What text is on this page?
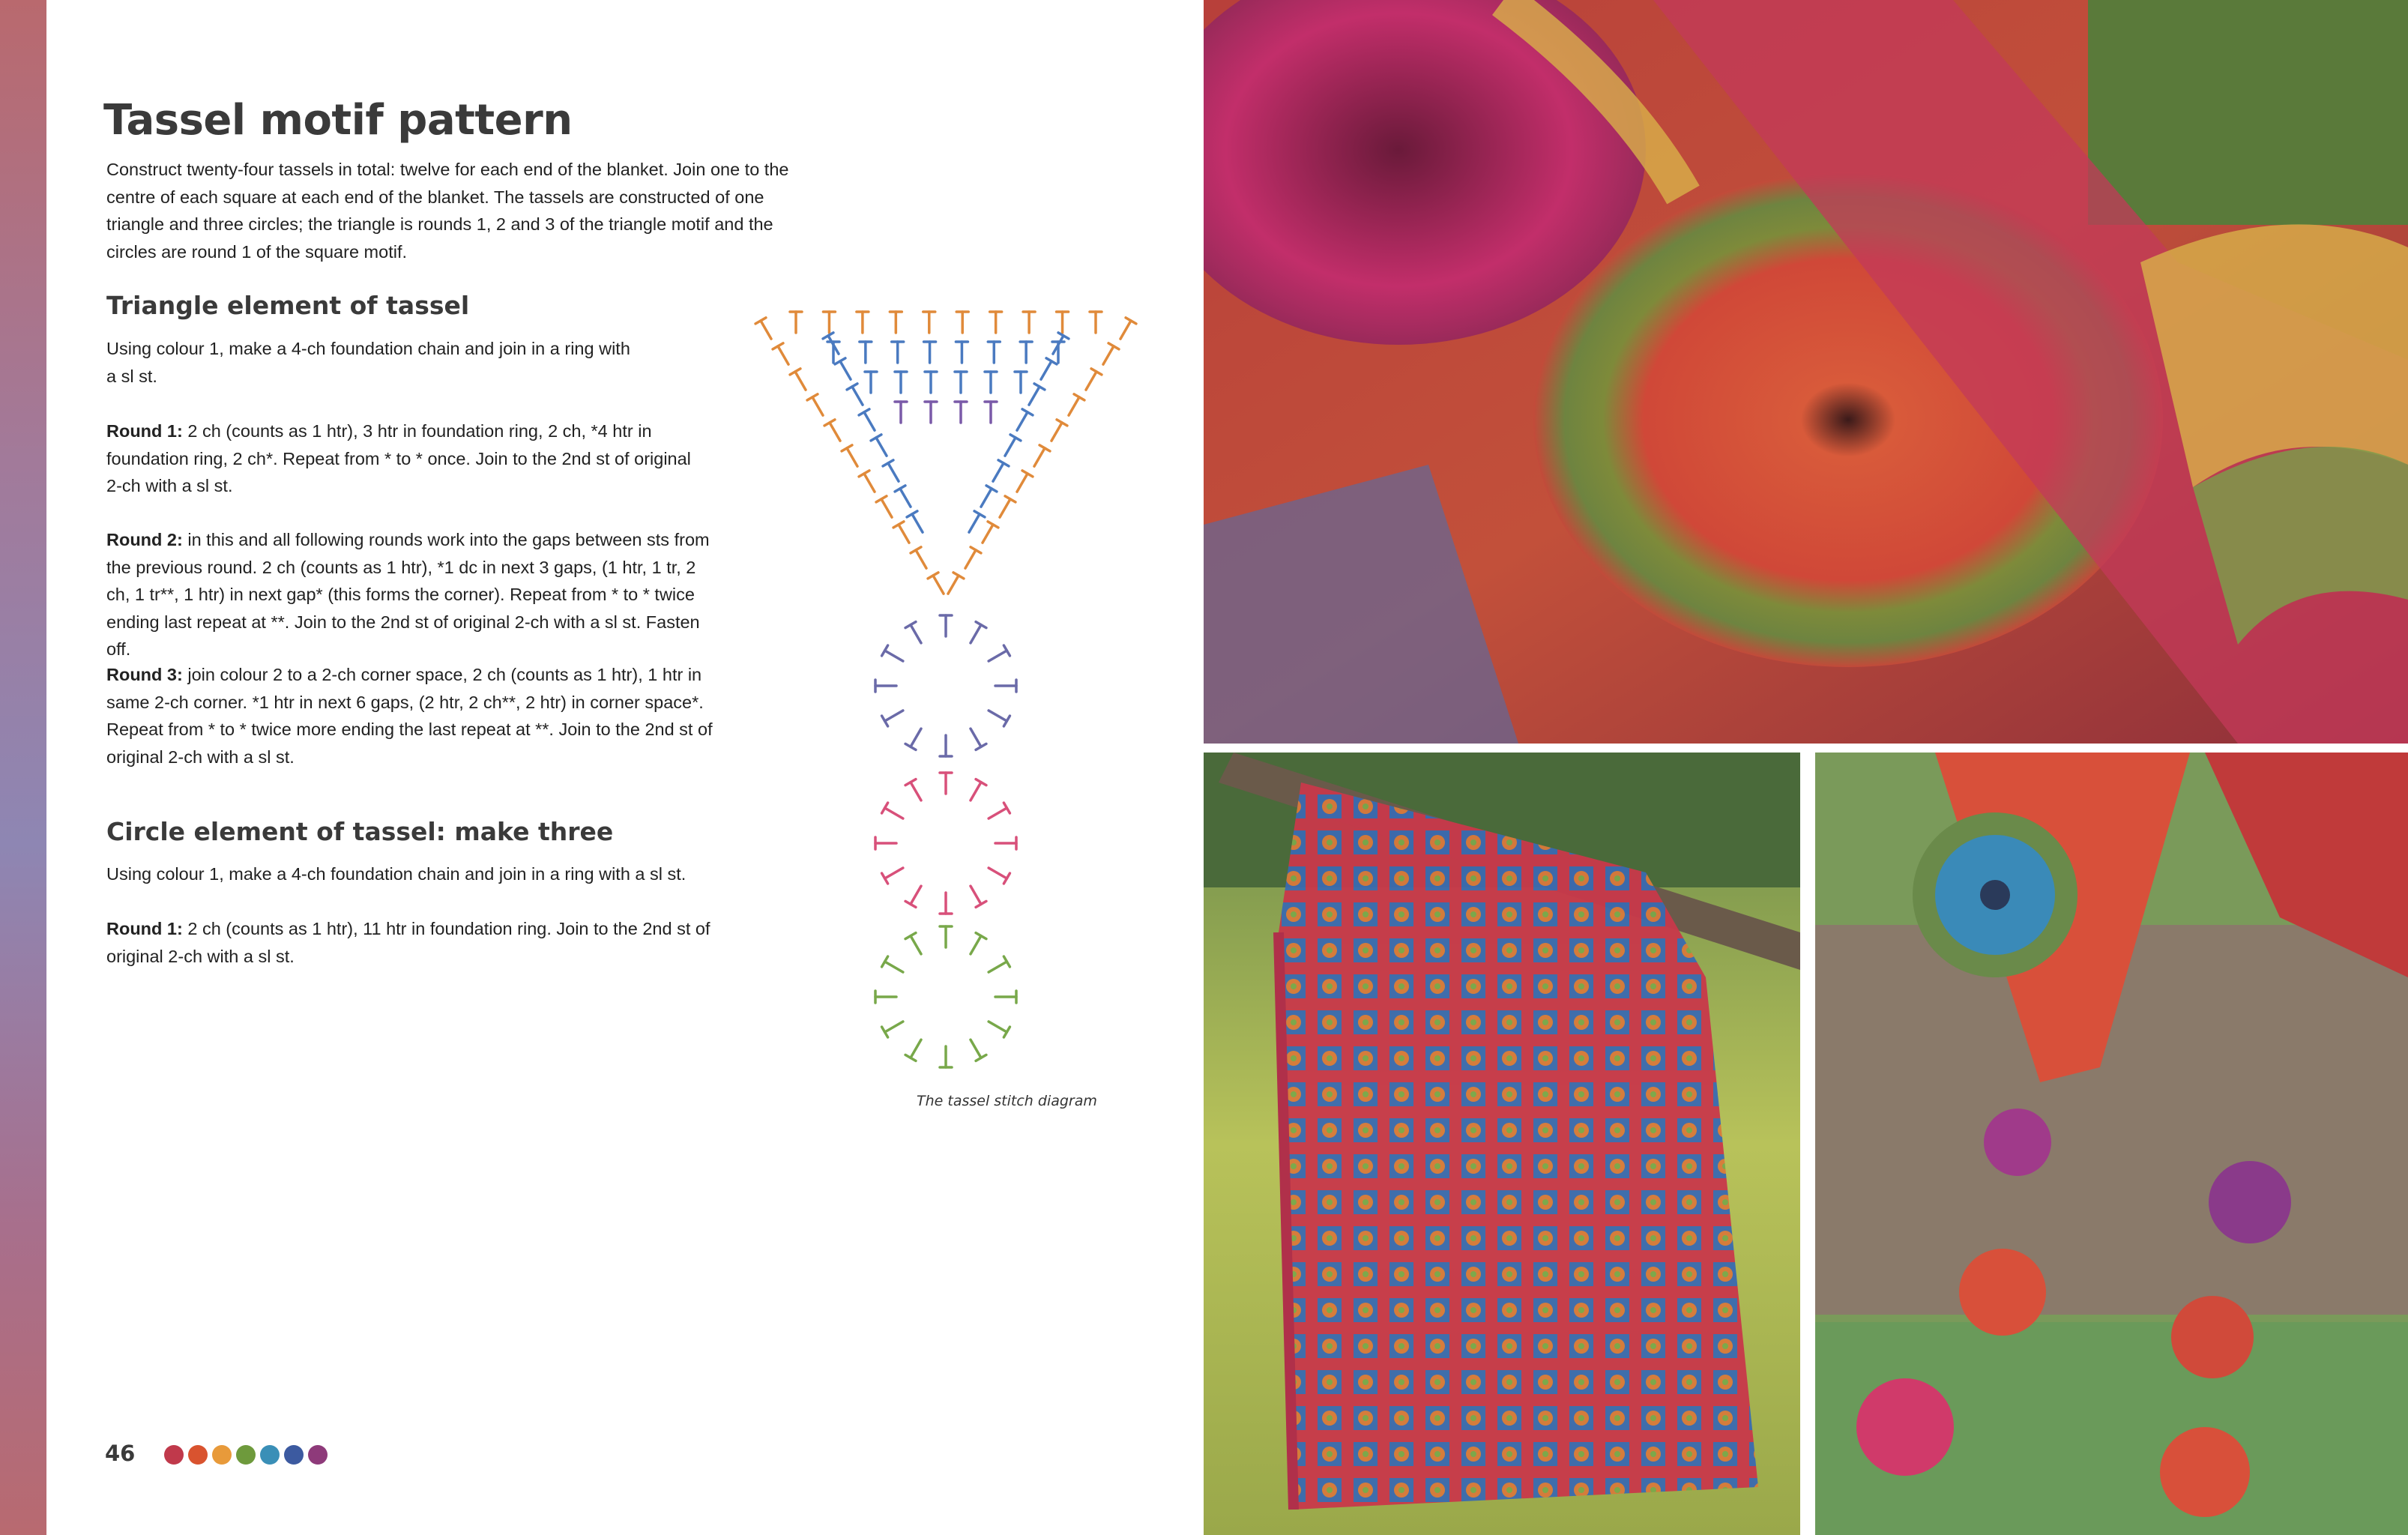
Tassel motif pattern

Construct twenty-four tassels in total: twelve for each end of the blanket. Join one to the centre of each square at each end of the blanket. The tassels are constructed of one triangle and three circles; the triangle is rounds 1, 2 and 3 of the triangle motif and the circles are round 1 of the square motif.

Triangle element of tassel

Using colour 1, make a 4-ch foundation chain and join in a ring with a sl st.

Round 1: 2 ch (counts as 1 htr), 3 htr in foundation ring, 2 ch, *4 htr in foundation ring, 2 ch*. Repeat from * to * once. Join to the 2nd st of original 2-ch with a sl st.

Round 2: in this and all following rounds work into the gaps between sts from the previous round. 2 ch (counts as 1 htr), *1 dc in next 3 gaps, (1 htr, 1 tr, 2 ch, 1 tr**, 1 htr) in next gap* (this forms the corner). Repeat from * to * twice ending last repeat at **. Join to the 2nd st of original 2-ch with a sl st. Fasten off.

Round 3: join colour 2 to a 2-ch corner space, 2 ch (counts as 1 htr), 1 htr in same 2-ch corner. *1 htr in next 6 gaps, (2 htr, 2 ch**, 2 htr) in corner space*. Repeat from * to * twice more ending the last repeat at **. Join to the 2nd st of original 2-ch with a sl st.

Circle element of tassel: make three

Using colour 1, make a 4-ch foundation chain and join in a ring with a sl st.

Round 1: 2 ch (counts as 1 htr), 11 htr in foundation ring. Join to the 2nd st of original 2-ch with a sl st.

The tassel stitch diagram
46
